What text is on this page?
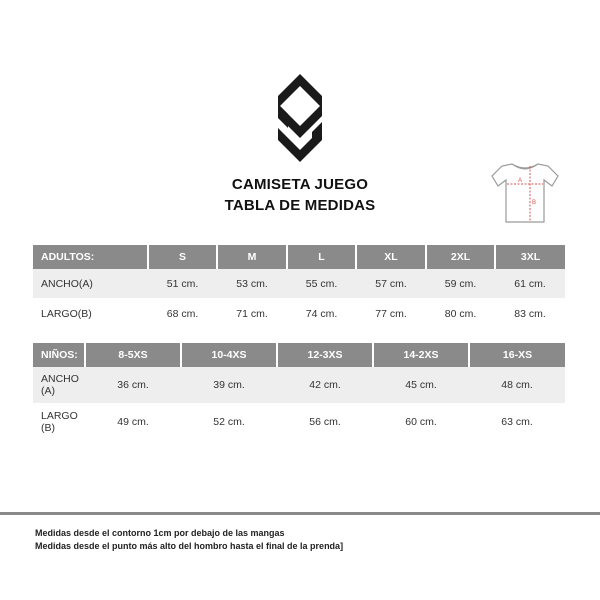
CAMISETA JUEGO
TABLA DE MEDIDAS
A
B
ADULTOS:	S	M	L	XL	2XL	3XL
ANCHO(A)	51 cm.	53 cm.	55 cm.	57 cm.	59 cm.	61 cm.
LARGO(B)	68 cm.	71 cm.	74 cm.	77 cm.	80 cm.	83 cm.
NIÑOS:	8-5XS	10-4XS	12-3XS	14-2XS	16-XS

ANCHO
(A)	36 cm.	39 cm.	42 cm.	45 cm.	48 cm.

LARGO
(B)	49 cm.	52 cm.	56 cm.	60 cm.	63 cm.
Medidas desde el contorno 1cm por debajo de las mangas
Medidas desde el punto más alto del hombro hasta el final de la prenda]
